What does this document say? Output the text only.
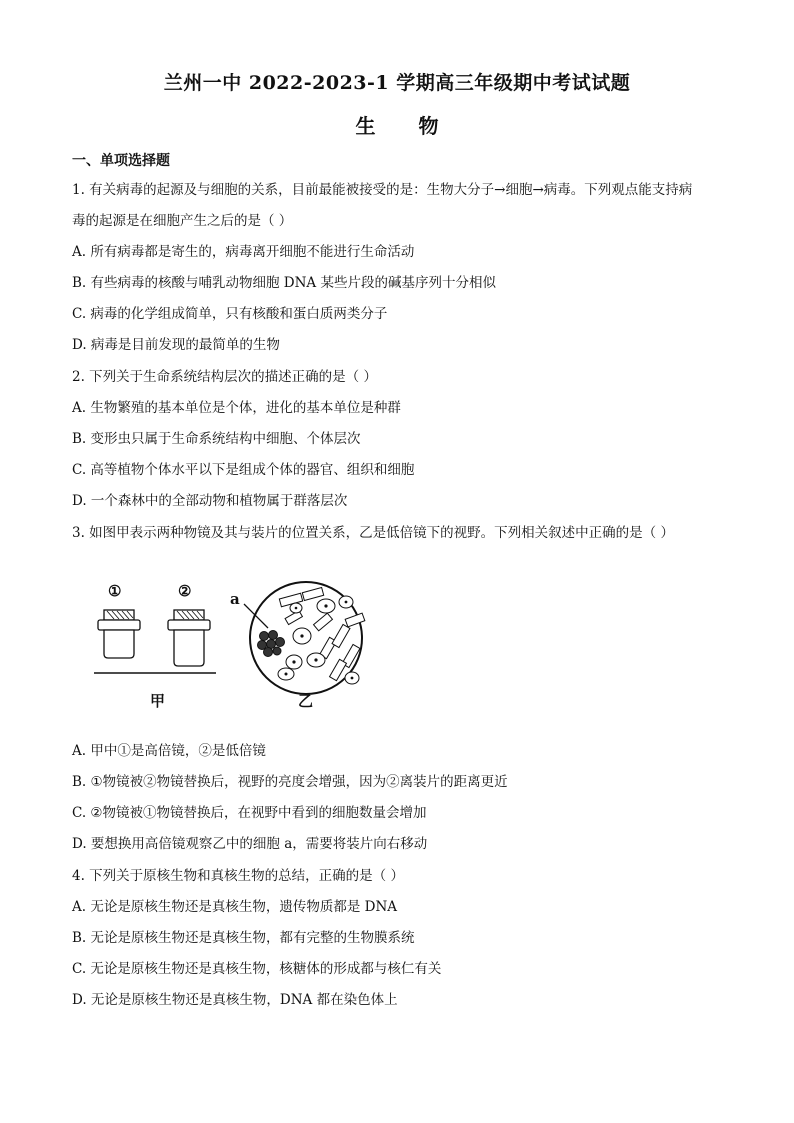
兰州一中 2022-2023-1 学期高三年级期中考试试题
生 物
一、单项选择题
1. 有关病毒的起源及与细胞的关系，目前最能被接受的是：生物大分子→细胞→病毒。下列观点能支持病
毒的起源是在细胞产生之后的是（ ）
A. 所有病毒都是寄生的，病毒离开细胞不能进行生命活动
B. 有些病毒的核酸与哺乳动物细胞 DNA 某些片段的碱基序列十分相似
C. 病毒的化学组成简单，只有核酸和蛋白质两类分子
D. 病毒是目前发现的最简单的生物
2. 下列关于生命系统结构层次的描述正确的是（ ）
A. 生物繁殖的基本单位是个体，进化的基本单位是种群
B. 变形虫只属于生命系统结构中细胞、个体层次
C. 高等植物个体水平以下是组成个体的器官、组织和细胞
D. 一个森林中的全部动物和植物属于群落层次
3. 如图甲表示两种物镜及其与装片的位置关系，乙是低倍镜下的视野。下列相关叙述中正确的是（ ）
①	②	a
甲	乙
A. 甲中①是高倍镜，②是低倍镜
B. ①物镜被②物镜替换后，视野的亮度会增强，因为②离装片的距离更近
C. ②物镜被①物镜替换后，在视野中看到的细胞数量会增加
D. 要想换用高倍镜观察乙中的细胞 a，需要将装片向右移动
4. 下列关于原核生物和真核生物的总结，正确的是（ ）
A. 无论是原核生物还是真核生物，遗传物质都是 DNA
B. 无论是原核生物还是真核生物，都有完整的生物膜系统
C. 无论是原核生物还是真核生物，核糖体的形成都与核仁有关
D. 无论是原核生物还是真核生物，DNA 都在染色体上
